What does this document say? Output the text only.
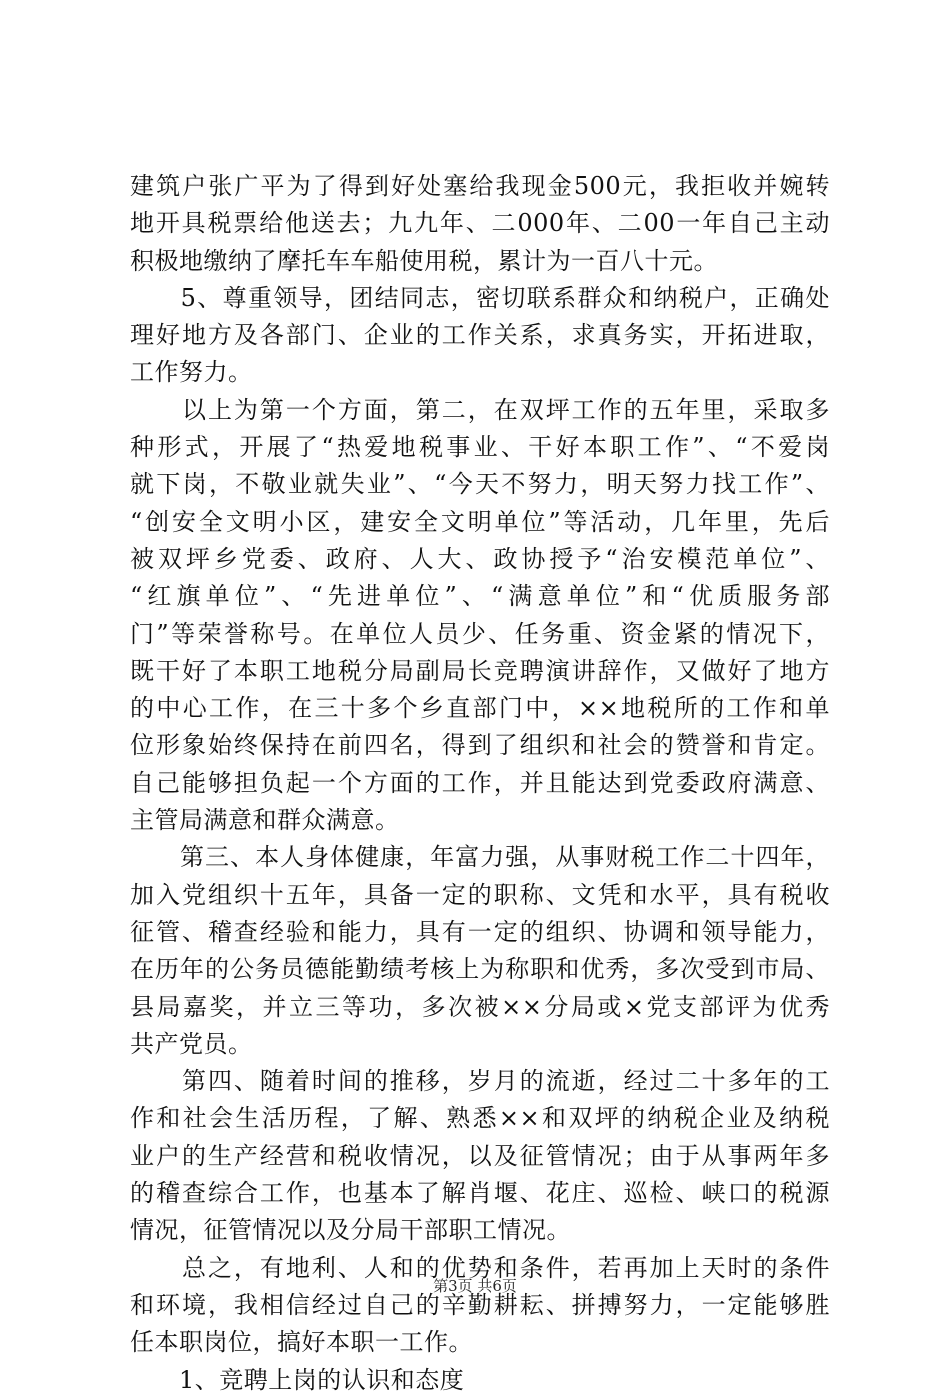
建筑户张广平为了得到好处塞给我现金500元，我拒收并婉转
地开具税票给他送去；九九年、二000年、二00一年自己主动
积极地缴纳了摩托车车船使用税，累计为一百八十元。
　　5、尊重领导，团结同志，密切联系群众和纳税户，正确处
理好地方及各部门、企业的工作关系，求真务实，开拓进取，
工作努力。
　　以上为第一个方面，第二，在双坪工作的五年里，采取多
种形式，开展了“热爱地税事业、干好本职工作”、“不爱岗
就下岗，不敬业就失业”、“今天不努力，明天努力找工作”、
“创安全文明小区，建安全文明单位”等活动，几年里，先后
被双坪乡党委、政府、人大、政协授予“治安模范单位”、
“红旗单位”、“先进单位”、“满意单位”和“优质服务部
门”等荣誉称号。在单位人员少、任务重、资金紧的情况下，
既干好了本职工地税分局副局长竞聘演讲辞作，又做好了地方
的中心工作，在三十多个乡直部门中，××地税所的工作和单
位形象始终保持在前四名，得到了组织和社会的赞誉和肯定。
自己能够担负起一个方面的工作，并且能达到党委政府满意、
主管局满意和群众满意。
　　第三、本人身体健康，年富力强，从事财税工作二十四年，
加入党组织十五年，具备一定的职称、文凭和水平，具有税收
征管、稽查经验和能力，具有一定的组织、协调和领导能力，
在历年的公务员德能勤绩考核上为称职和优秀，多次受到市局、
县局嘉奖，并立三等功，多次被××分局或×党支部评为优秀
共产党员。
　　第四、随着时间的推移，岁月的流逝，经过二十多年的工
作和社会生活历程，了解、熟悉××和双坪的纳税企业及纳税
业户的生产经营和税收情况，以及征管情况；由于从事两年多
的稽查综合工作，也基本了解肖堰、花庄、巡检、峡口的税源
情况，征管情况以及分局干部职工情况。
　　总之，有地利、人和的优势和条件，若再加上天时的条件
和环境，我相信经过自己的辛勤耕耘、拼搏努力，一定能够胜
任本职岗位，搞好本职一工作。
　　1、竞聘上岗的认识和态度
第3页 共6页
